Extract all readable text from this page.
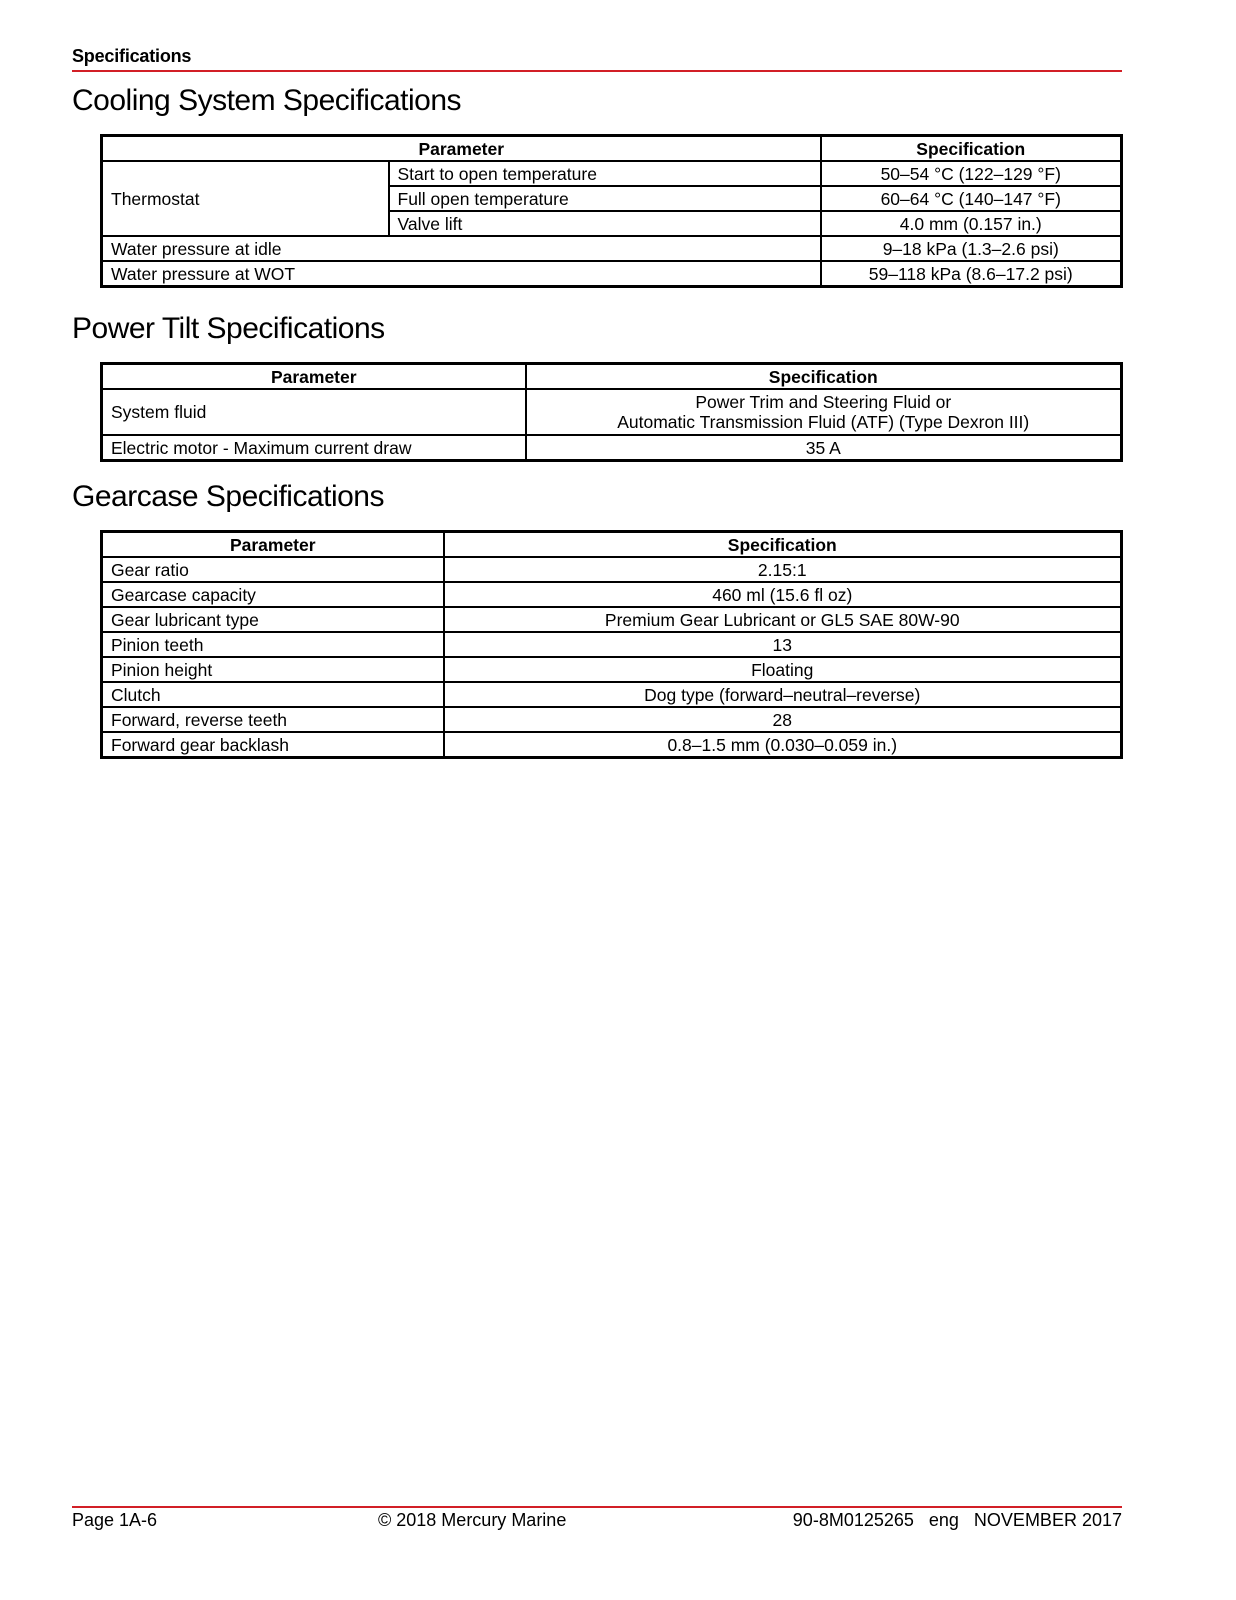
Specifications
Cooling System Specifications
Parameter		Specification
Thermostat	Start to open temperature	50–54 °C (122–129 °F)
	Full open temperature	60–64 °C (140–147 °F)
	Valve lift	4.0 mm (0.157 in.)
Water pressure at idle		9–18 kPa (1.3–2.6 psi)
Water pressure at WOT		59–118 kPa (8.6–17.2 psi)
Power Tilt Specifications
Parameter	Specification
System fluid	Power Trim and Steering Fluid or
Automatic Transmission Fluid (ATF) (Type Dexron III)

Electric motor - Maximum current draw	35 A
Gearcase Specifications
Parameter	Specification
Gear ratio	2.15:1
Gearcase capacity	460 ml (15.6 fl oz)
Gear lubricant type	Premium Gear Lubricant or GL5 SAE 80W-90
Pinion teeth	13
Pinion height	Floating
Clutch	Dog type (forward–neutral–reverse)
Forward, reverse teeth	28
Forward gear backlash	0.8–1.5 mm (0.030–0.059 in.)
Page 1A-6	© 2018 Mercury Marine	90-8M0125265   eng   NOVEMBER 2017
